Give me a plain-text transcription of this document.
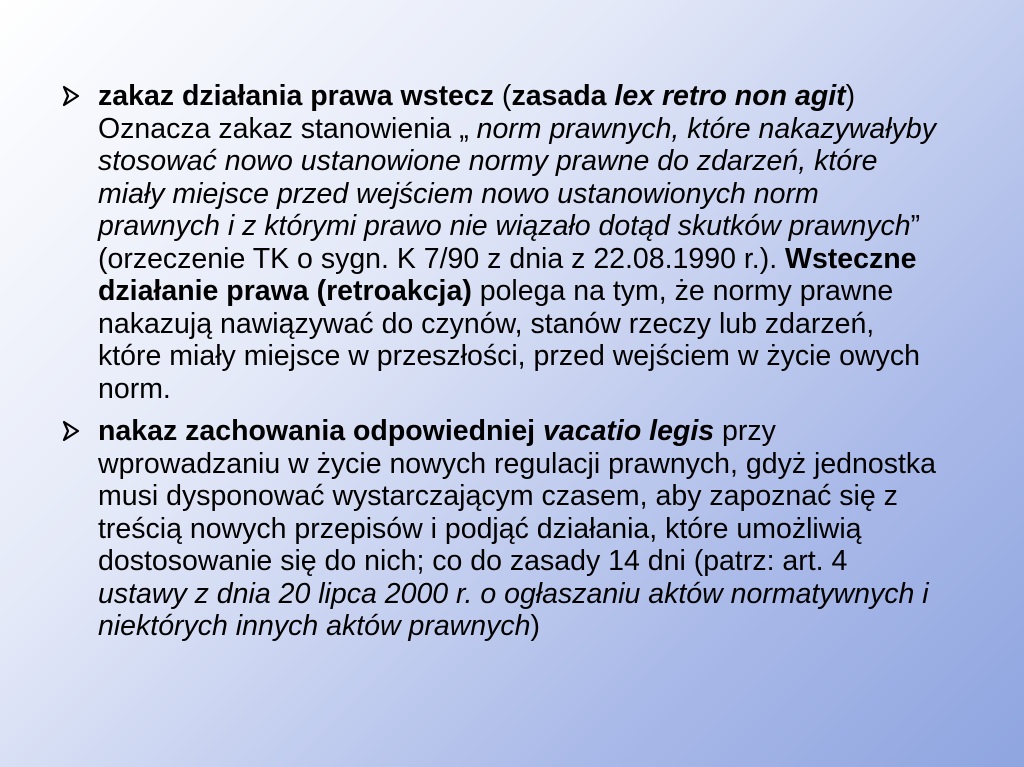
zakaz działania prawa wstecz (zasada lex retro non agit) Oznacza zakaz stanowienia „ norm prawnych, które nakazywałyby stosować nowo ustanowione normy prawne do zdarzeń, które miały miejsce przed wejściem nowo ustanowionych norm prawnych i z którymi prawo nie wiązało dotąd skutków prawnych” (orzeczenie TK o sygn. K 7/90 z dnia z 22.08.1990 r.). Wsteczne działanie prawa (retroakcja) polega na tym, że normy prawne nakazują nawiązywać do czynów, stanów rzeczy lub zdarzeń, które miały miejsce w przeszłości, przed wejściem w życie owych norm.
nakaz zachowania odpowiedniej vacatio legis przy wprowadzaniu w życie nowych regulacji prawnych, gdyż jednostka musi dysponować wystarczającym czasem, aby zapoznać się z treścią nowych przepisów i podjąć działania, które umożliwią dostosowanie się do nich; co do zasady 14 dni (patrz: art. 4 ustawy z dnia 20 lipca 2000 r. o ogłaszaniu aktów normatywnych i niektórych innych aktów prawnych)
